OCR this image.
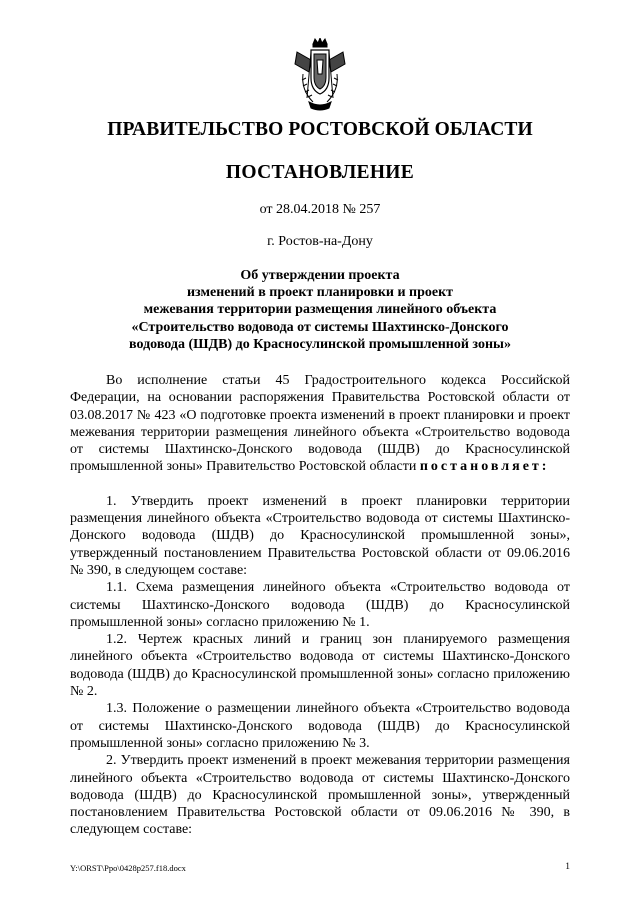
ПРАВИТЕЛЬСТВО РОСТОВСКОЙ ОБЛАСТИ
ПОСТАНОВЛЕНИЕ
от 28.04.2018 № 257
г. Ростов-на-Дону
Об утверждении проекта
изменений в проект планировки и проект
межевания территории размещения линейного объекта
«Строительство водовода от системы Шахтинско-Донского
водовода (ШДВ) до Красносулинской промышленной зоны»

Во исполнение статьи 45 Градостроительного кодекса Российской Федерации, на основании распоряжения Правительства Ростовской области от 03.08.2017 № 423 «О подготовке проекта изменений в проект планировки и проект межевания территории размещения линейного объекта «Строительство водовода от системы Шахтинско-Донского водовода (ШДВ) до Красносулинской промышленной зоны» Правительство Ростовской области постановляет:

1. Утвердить проект изменений в проект планировки территории размещения линейного объекта «Строительство водовода от системы Шахтинско-Донского водовода (ШДВ) до Красносулинской промышленной зоны», утвержденный постановлением Правительства Ростовской области от 09.06.2016 № 390, в следующем составе:

1.1. Схема размещения линейного объекта «Строительство водовода от системы Шахтинско-Донского водовода (ШДВ) до Красносулинской промышленной зоны» согласно приложению № 1.

1.2. Чертеж красных линий и границ зон планируемого размещения линейного объекта «Строительство водовода от системы Шахтинско-Донского водовода (ШДВ) до Красносулинской промышленной зоны» согласно приложению № 2.

1.3. Положение о размещении линейного объекта «Строительство водовода от системы Шахтинско-Донского водовода (ШДВ) до Красносулинской промышленной зоны» согласно приложению № 3.

2. Утвердить проект изменений в проект межевания территории размещения линейного объекта «Строительство водовода от системы Шахтинско-Донского водовода (ШДВ) до Красносулинской промышленной зоны», утвержденный постановлением Правительства Ростовской области от 09.06.2016 № 390, в следующем составе:

Y:\ORST\Ppo\0428p257.f18.docx	1
